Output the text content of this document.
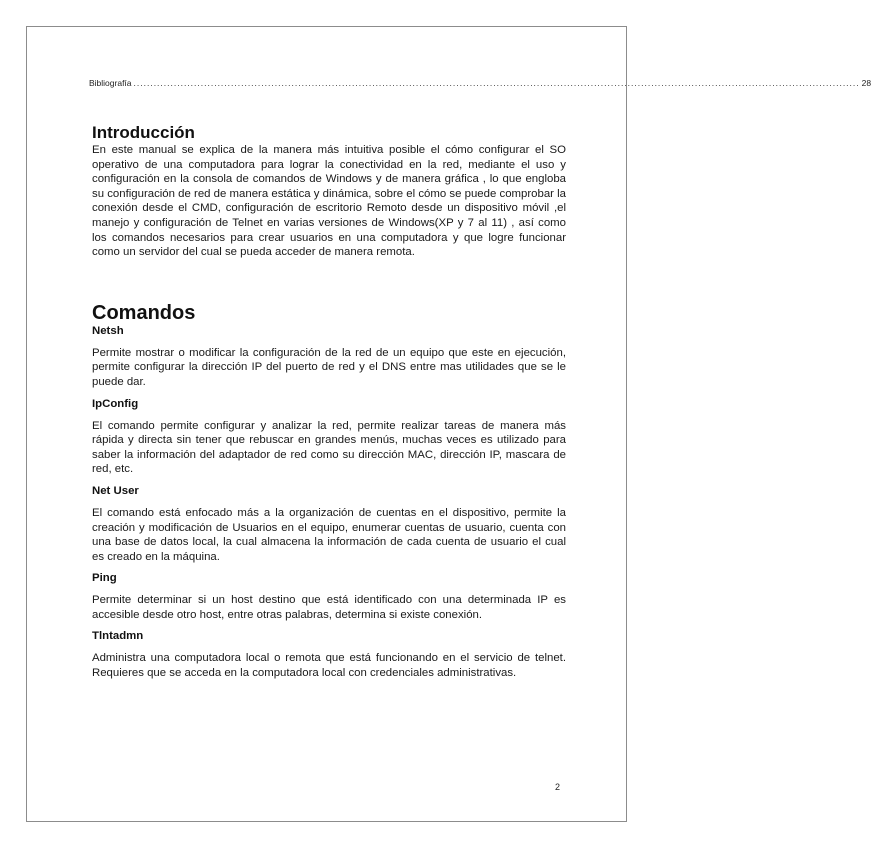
Bibliografía ........................................................................................................................................................................................................................ 28
Introducción

En este manual se explica de la manera más intuitiva posible el cómo configurar el SO operativo de una computadora para lograr la conectividad en la red, mediante el uso y configuración en la consola de comandos de Windows y de manera gráfica , lo que engloba su configuración de red de manera estática y dinámica, sobre el cómo se puede comprobar la conexión desde el CMD, configuración de escritorio Remoto desde un dispositivo móvil ,el manejo y configuración de Telnet en varias versiones de Windows(XP y 7 al 11) , así como los comandos necesarios para crear usuarios en una computadora y que logre funcionar como un servidor del cual se pueda acceder de manera remota.

Comandos
Netsh

Permite mostrar o modificar la configuración de la red de un equipo que este en ejecución, permite configurar la dirección IP del puerto de red y el DNS entre mas utilidades que se le puede dar.

IpConfig

El comando permite configurar y analizar la red, permite realizar tareas de manera más rápida y directa sin tener que rebuscar en grandes menús, muchas veces es utilizado para saber la información del adaptador de red como su dirección MAC, dirección IP, mascara de red, etc.

Net User

El comando está enfocado más a la organización de cuentas en el dispositivo, permite la creación y modificación de Usuarios en el equipo, enumerar cuentas de usuario, cuenta con una base de datos local, la cual almacena la información de cada cuenta de usuario el cual es creado en la máquina.

Ping

Permite determinar si un host destino que está identificado con una determinada IP es accesible desde otro host, entre otras palabras, determina si existe conexión.

Tlntadmn

Administra una computadora local o remota que está funcionando en el servicio de telnet. Requieres que se acceda en la computadora local con credenciales administrativas.

2
